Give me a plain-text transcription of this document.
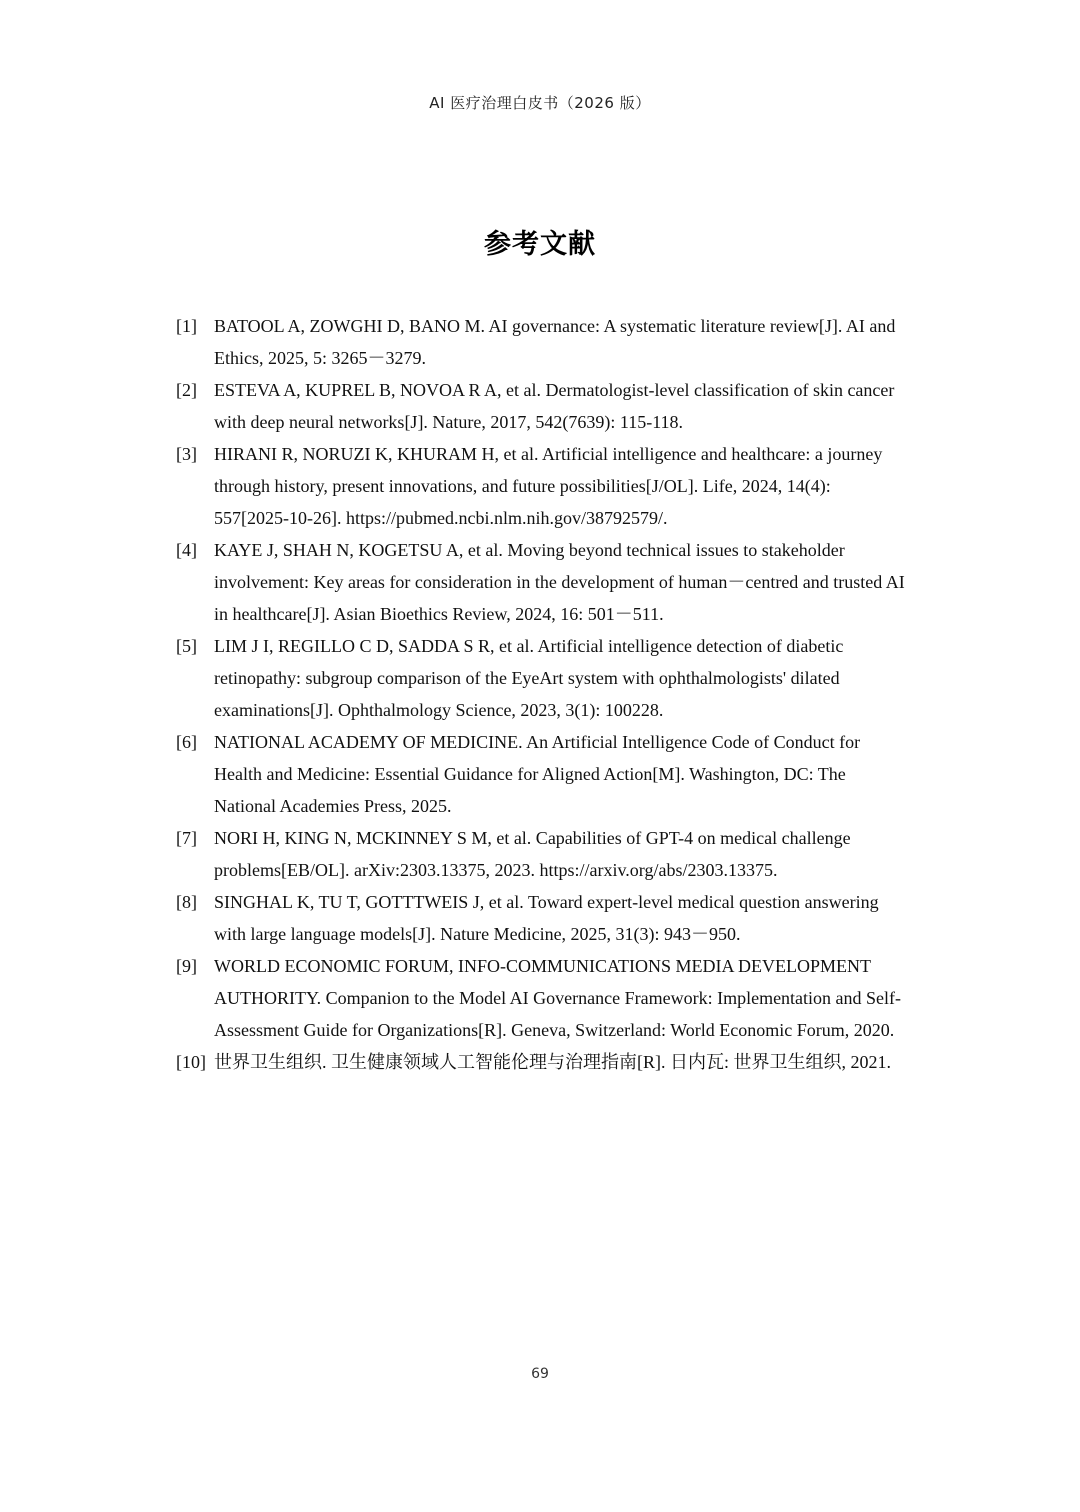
AI 医疗治理白皮书（2026 版）
参考文献
[1] BATOOL A, ZOWGHI D, BANO M. AI governance: A systematic literature review[J]. AI and Ethics, 2025, 5: 3265－3279.
[2] ESTEVA A, KUPREL B, NOVOA R A, et al. Dermatologist-level classification of skin cancer with deep neural networks[J]. Nature, 2017, 542(7639): 115-118.
[3] HIRANI R, NORUZI K, KHURAM H, et al. Artificial intelligence and healthcare: a journey through history, present innovations, and future possibilities[J/OL]. Life, 2024, 14(4): 557[2025-10-26]. https://pubmed.ncbi.nlm.nih.gov/38792579/.
[4] KAYE J, SHAH N, KOGETSU A, et al. Moving beyond technical issues to stakeholder involvement: Key areas for consideration in the development of human－centred and trusted AI in healthcare[J]. Asian Bioethics Review, 2024, 16: 501－511.
[5] LIM J I, REGILLO C D, SADDA S R, et al. Artificial intelligence detection of diabetic retinopathy: subgroup comparison of the EyeArt system with ophthalmologists' dilated examinations[J]. Ophthalmology Science, 2023, 3(1): 100228.
[6] NATIONAL ACADEMY OF MEDICINE. An Artificial Intelligence Code of Conduct for Health and Medicine: Essential Guidance for Aligned Action[M]. Washington, DC: The National Academies Press, 2025.
[7] NORI H, KING N, MCKINNEY S M, et al. Capabilities of GPT-4 on medical challenge problems[EB/OL]. arXiv:2303.13375, 2023. https://arxiv.org/abs/2303.13375.
[8] SINGHAL K, TU T, GOTTTWEIS J, et al. Toward expert-level medical question answering with large language models[J]. Nature Medicine, 2025, 31(3): 943－950.
[9] WORLD ECONOMIC FORUM, INFO-COMMUNICATIONS MEDIA DEVELOPMENT AUTHORITY. Companion to the Model AI Governance Framework: Implementation and Self-Assessment Guide for Organizations[R]. Geneva, Switzerland: World Economic Forum, 2020.
[10] 世界卫生组织. 卫生健康领域人工智能伦理与治理指南[R]. 日内瓦: 世界卫生组织, 2021.
69
